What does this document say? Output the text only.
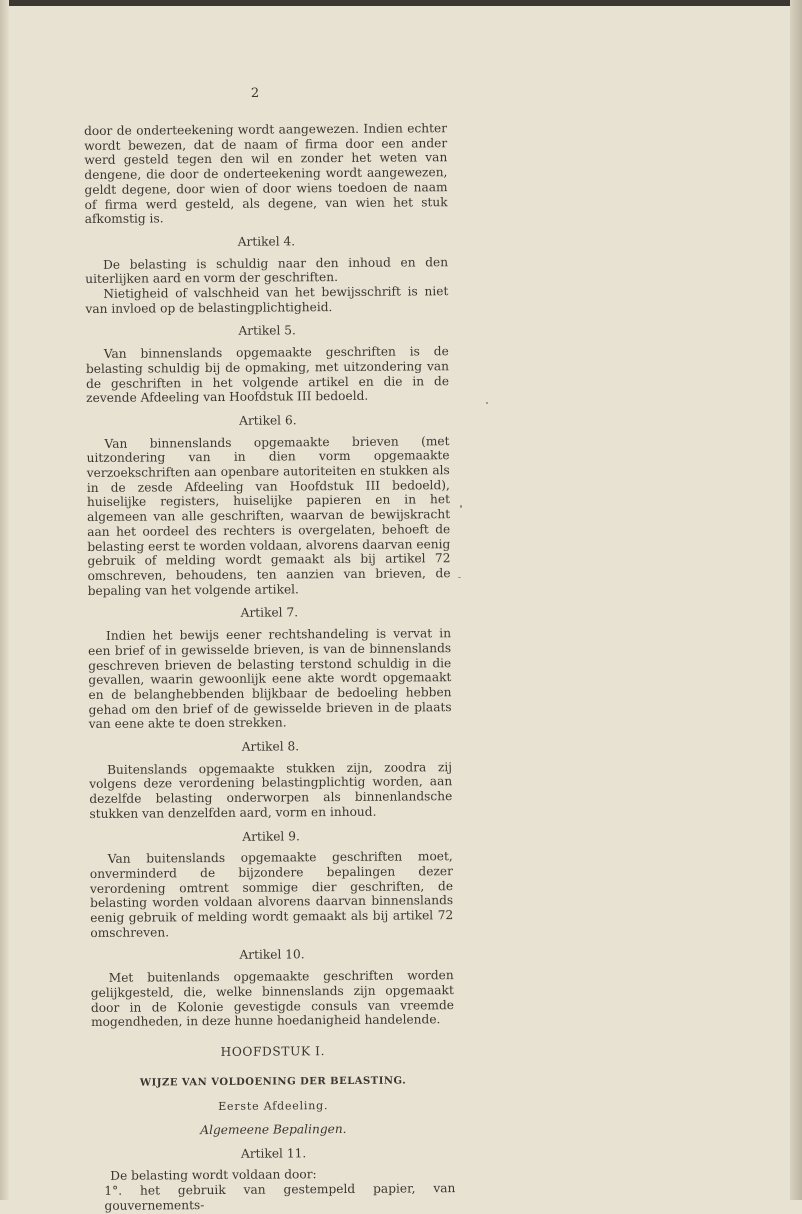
2
door de onderteekening wordt aangewezen. Indien echter wordt bewezen, dat de naam of firma door een ander werd gesteld tegen den wil en zonder het weten van dengene, die door de onderteekening wordt aangewezen, geldt degene, door wien of door wiens toedoen de naam of firma werd gesteld, als degene, van wien het stuk afkomstig is.
Artikel 4.
De belasting is schuldig naar den inhoud en den uiterlijken aard en vorm der geschriften.
Nietigheid of valschheid van het bewijsschrift is niet van invloed op de belastingplichtigheid.
Artikel 5.
Van binnenslands opgemaakte geschriften is de belasting schuldig bij de opmaking, met uitzondering van de geschriften in het volgende artikel en die in de zevende Afdeeling van Hoofdstuk III bedoeld.
Artikel 6.
Van binnenslands opgemaakte brieven (met uitzondering van in dien vorm opgemaakte verzoekschriften aan openbare autoriteiten en stukken als in de zesde Afdeeling van Hoofdstuk III bedoeld), huiselijke registers, huiselijke papieren en in het algemeen van alle geschriften, waarvan de bewijskracht aan het oordeel des rechters is overgelaten, behoeft de belasting eerst te worden voldaan, alvorens daarvan eenig gebruik of melding wordt gemaakt als bij artikel 72 omschreven, behoudens, ten aanzien van brieven, de bepaling van het volgende artikel.
Artikel 7.
Indien het bewijs eener rechtshandeling is vervat in een brief of in gewisselde brieven, is van de binnenslands geschreven brieven de belasting terstond schuldig in die gevallen, waarin gewoonlijk eene akte wordt opgemaakt en de belanghebbenden blijkbaar de bedoeling hebben gehad om den brief of de gewisselde brieven in de plaats van eene akte te doen strekken.
Artikel 8.
Buitenslands opgemaakte stukken zijn, zoodra zij volgens deze verordening belastingplichtig worden, aan dezelfde belasting onderworpen als binnenlandsche stukken van denzelfden aard, vorm en inhoud.
Artikel 9.
Van buitenslands opgemaakte geschriften moet, onverminderd de bijzondere bepalingen dezer verordening omtrent sommige dier geschriften, de belasting worden voldaan alvorens daarvan binnenslands eenig gebruik of melding wordt gemaakt als bij artikel 72 omschreven.
Artikel 10.
Met buitenlands opgemaakte geschriften worden gelijkgesteld, die, welke binnenslands zijn opgemaakt door in de Kolonie gevestigde consuls van vreemde mogendheden, in deze hunne hoedanigheid handelende.
HOOFDSTUK I.
WIJZE VAN VOLDOENING DER BELASTING.
Eerste Afdeeling.
Algemeene Bepalingen.
Artikel 11.
De belasting wordt voldaan door:
1°. het gebruik van gestempeld papier, van gouvernements-
